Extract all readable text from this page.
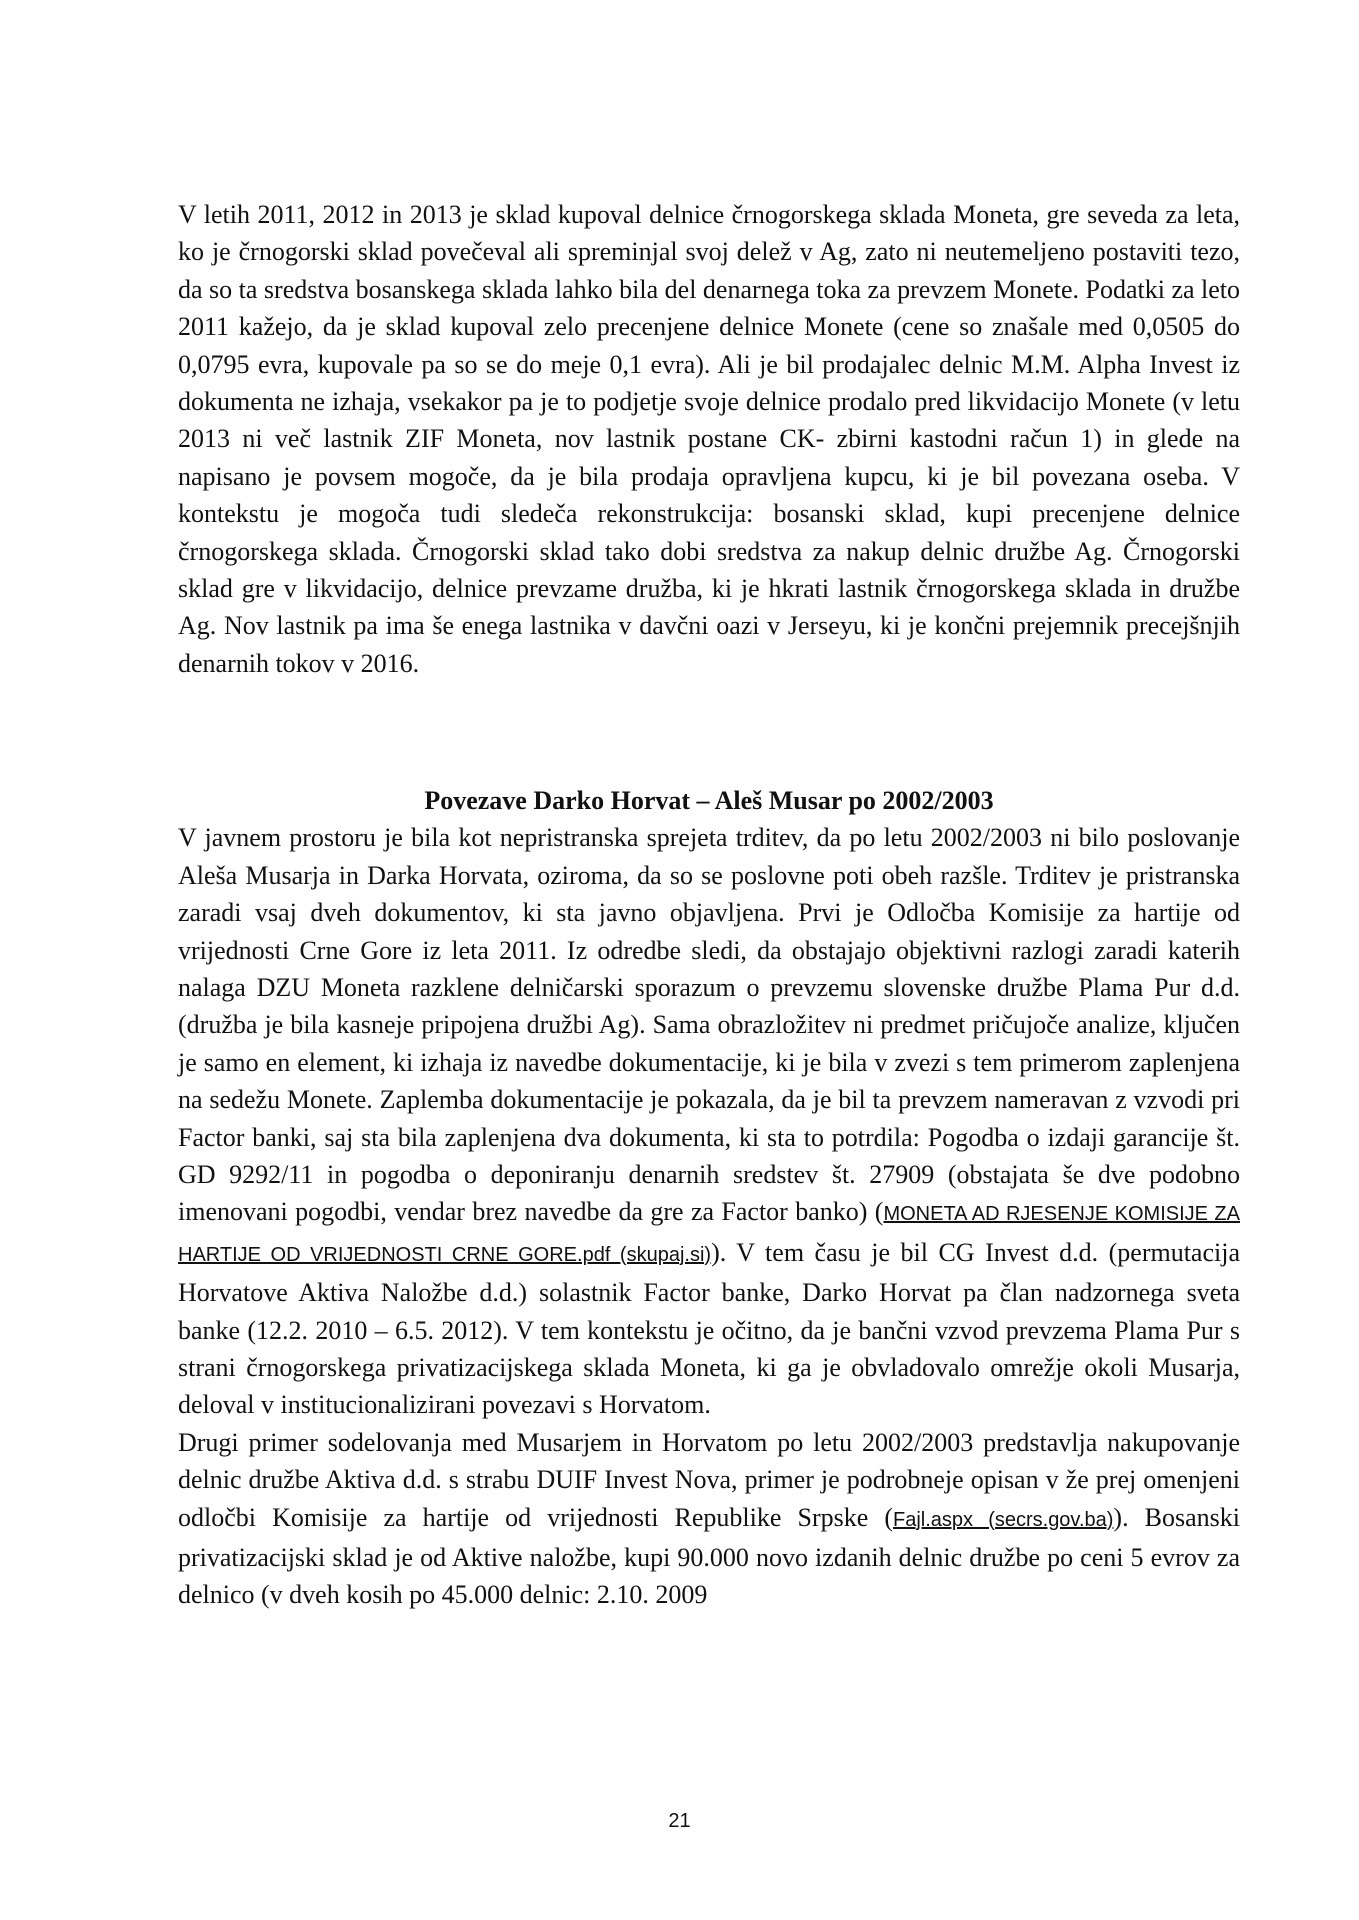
V letih 2011, 2012 in 2013 je sklad kupoval delnice črnogorskega sklada Moneta, gre seveda za leta, ko je črnogorski sklad povečeval ali spreminjal svoj delež v Ag, zato ni neutemeljeno postaviti tezo, da so ta sredstva bosanskega sklada lahko bila del denarnega toka za prevzem Monete. Podatki za leto 2011 kažejo, da je sklad kupoval zelo precenjene delnice Monete (cene so znašale med 0,0505 do 0,0795 evra, kupovale pa so se do meje 0,1 evra). Ali je bil prodajalec delnic M.M. Alpha Invest iz dokumenta ne izhaja, vsekakor pa je to podjetje svoje delnice prodalo pred likvidacijo Monete (v letu 2013 ni več lastnik ZIF Moneta, nov lastnik postane CK- zbirni kastodni račun 1) in glede na napisano je povsem mogoče, da je bila prodaja opravljena kupcu, ki je bil povezana oseba. V kontekstu je mogoča tudi sledeča rekonstrukcija: bosanski sklad, kupi precenjene delnice črnogorskega sklada. Črnogorski sklad tako dobi sredstva za nakup delnic družbe Ag. Črnogorski sklad gre v likvidacijo, delnice prevzame družba, ki je hkrati lastnik črnogorskega sklada in družbe Ag. Nov lastnik pa ima še enega lastnika v davčni oazi v Jerseyu, ki je končni prejemnik precejšnjih denarnih tokov v 2016.

Povezave Darko Horvat – Aleš Musar po 2002/2003

V javnem prostoru je bila kot nepristranska sprejeta trditev, da po letu 2002/2003 ni bilo poslovanje Aleša Musarja in Darka Horvata, oziroma, da so se poslovne poti obeh razšle. Trditev je pristranska zaradi vsaj dveh dokumentov, ki sta javno objavljena. Prvi je Odločba Komisije za hartije od vrijednosti Crne Gore iz leta 2011. Iz odredbe sledi, da obstajajo objektivni razlogi zaradi katerih nalaga DZU Moneta razklene delničarski sporazum o prevzemu slovenske družbe Plama Pur d.d. (družba je bila kasneje pripojena družbi Ag). Sama obrazložitev ni predmet pričujoče analize, ključen je samo en element, ki izhaja iz navedbe dokumentacije, ki je bila v zvezi s tem primerom zaplenjena na sedežu Monete. Zaplemba dokumentacije je pokazala, da je bil ta prevzem nameravan z vzvodi pri Factor banki, saj sta bila zaplenjena dva dokumenta, ki sta to potrdila: Pogodba o izdaji garancije št. GD 9292/11 in pogodba o deponiranju denarnih sredstev št. 27909 (obstajata še dve podobno imenovani pogodbi, vendar brez navedbe da gre za Factor banko) (MONETA AD RJESENJE KOMISIJE ZA HARTIJE OD VRIJEDNOSTI CRNE GORE.pdf (skupaj.si)). V tem času je bil CG Invest d.d. (permutacija Horvatove Aktiva Naložbe d.d.) solastnik Factor banke, Darko Horvat pa član nadzornega sveta banke (12.2. 2010 – 6.5. 2012). V tem kontekstu je očitno, da je bančni vzvod prevzema Plama Pur s strani črnogorskega privatizacijskega sklada Moneta, ki ga je obvladovalo omrežje okoli Musarja, deloval v institucionalizirani povezavi s Horvatom.

Drugi primer sodelovanja med Musarjem in Horvatom po letu 2002/2003 predstavlja nakupovanje delnic družbe Aktiva d.d. s strabu DUIF Invest Nova, primer je podrobneje opisan v že prej omenjeni odločbi Komisije za hartije od vrijednosti Republike Srpske (Fajl.aspx (secrs.gov.ba)). Bosanski privatizacijski sklad je od Aktive naložbe, kupi 90.000 novo izdanih delnic družbe po ceni 5 evrov za delnico (v dveh kosih po 45.000 delnic: 2.10. 2009

21
